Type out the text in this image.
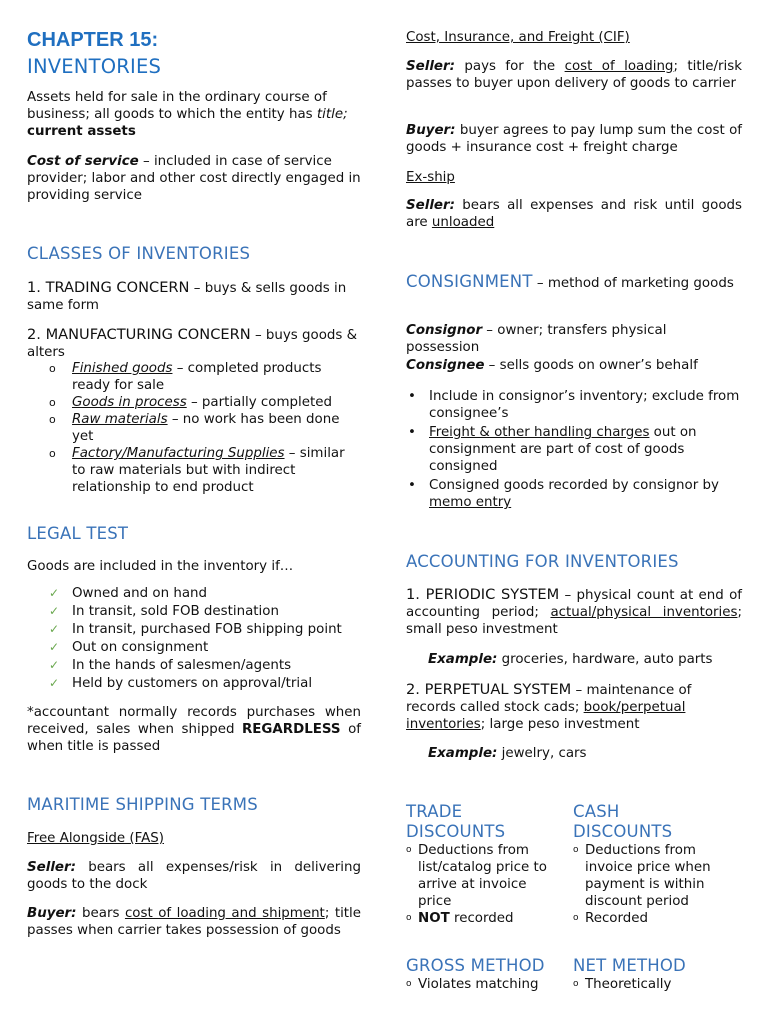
CHAPTER 15:
INVENTORIES
Assets held for sale in the ordinary course of business; all goods to which the entity has title; current assets
Cost of service – included in case of service provider; labor and other cost directly engaged in providing service
CLASSES OF INVENTORIES
1. TRADING CONCERN – buys & sells goods in same form
2. MANUFACTURING CONCERN – buys goods & alters
o Finished goods – completed products ready for sale
o Goods in process – partially completed
o Raw materials – no work has been done yet
o Factory/Manufacturing Supplies – similar to raw materials but with indirect relationship to end product
LEGAL TEST
Goods are included in the inventory if…
✓ Owned and on hand
✓ In transit, sold FOB destination
✓ In transit, purchased FOB shipping point
✓ Out on consignment
✓ In the hands of salesmen/agents
✓ Held by customers on approval/trial
*accountant normally records purchases when received, sales when shipped REGARDLESS of when title is passed
MARITIME SHIPPING TERMS
Free Alongside (FAS)
Seller: bears all expenses/risk in delivering goods to the dock
Buyer: bears cost of loading and shipment; title passes when carrier takes possession of goods
Cost, Insurance, and Freight (CIF)
Seller: pays for the cost of loading; title/risk passes to buyer upon delivery of goods to carrier
Buyer: buyer agrees to pay lump sum the cost of goods + insurance cost + freight charge
Ex-ship
Seller: bears all expenses and risk until goods are unloaded
CONSIGNMENT – method of marketing goods
Consignor – owner; transfers physical possession
Consignee – sells goods on owner’s behalf
• Include in consignor’s inventory; exclude from consignee’s
• Freight & other handling charges out on consignment are part of cost of goods consigned
• Consigned goods recorded by consignor by memo entry
ACCOUNTING FOR INVENTORIES
1. PERIODIC SYSTEM – physical count at end of accounting period; actual/physical inventories; small peso investment
Example: groceries, hardware, auto parts
2. PERPETUAL SYSTEM – maintenance of records called stock cads; book/perpetual inventories; large peso investment
Example: jewelry, cars
TRADE
DISCOUNTS
o Deductions from list/catalog price to arrive at invoice price
o NOT recorded
CASH
DISCOUNTS
o Deductions from invoice price when payment is within discount period
o Recorded
GROSS METHOD
o Violates matching
NET METHOD
o Theoretically
